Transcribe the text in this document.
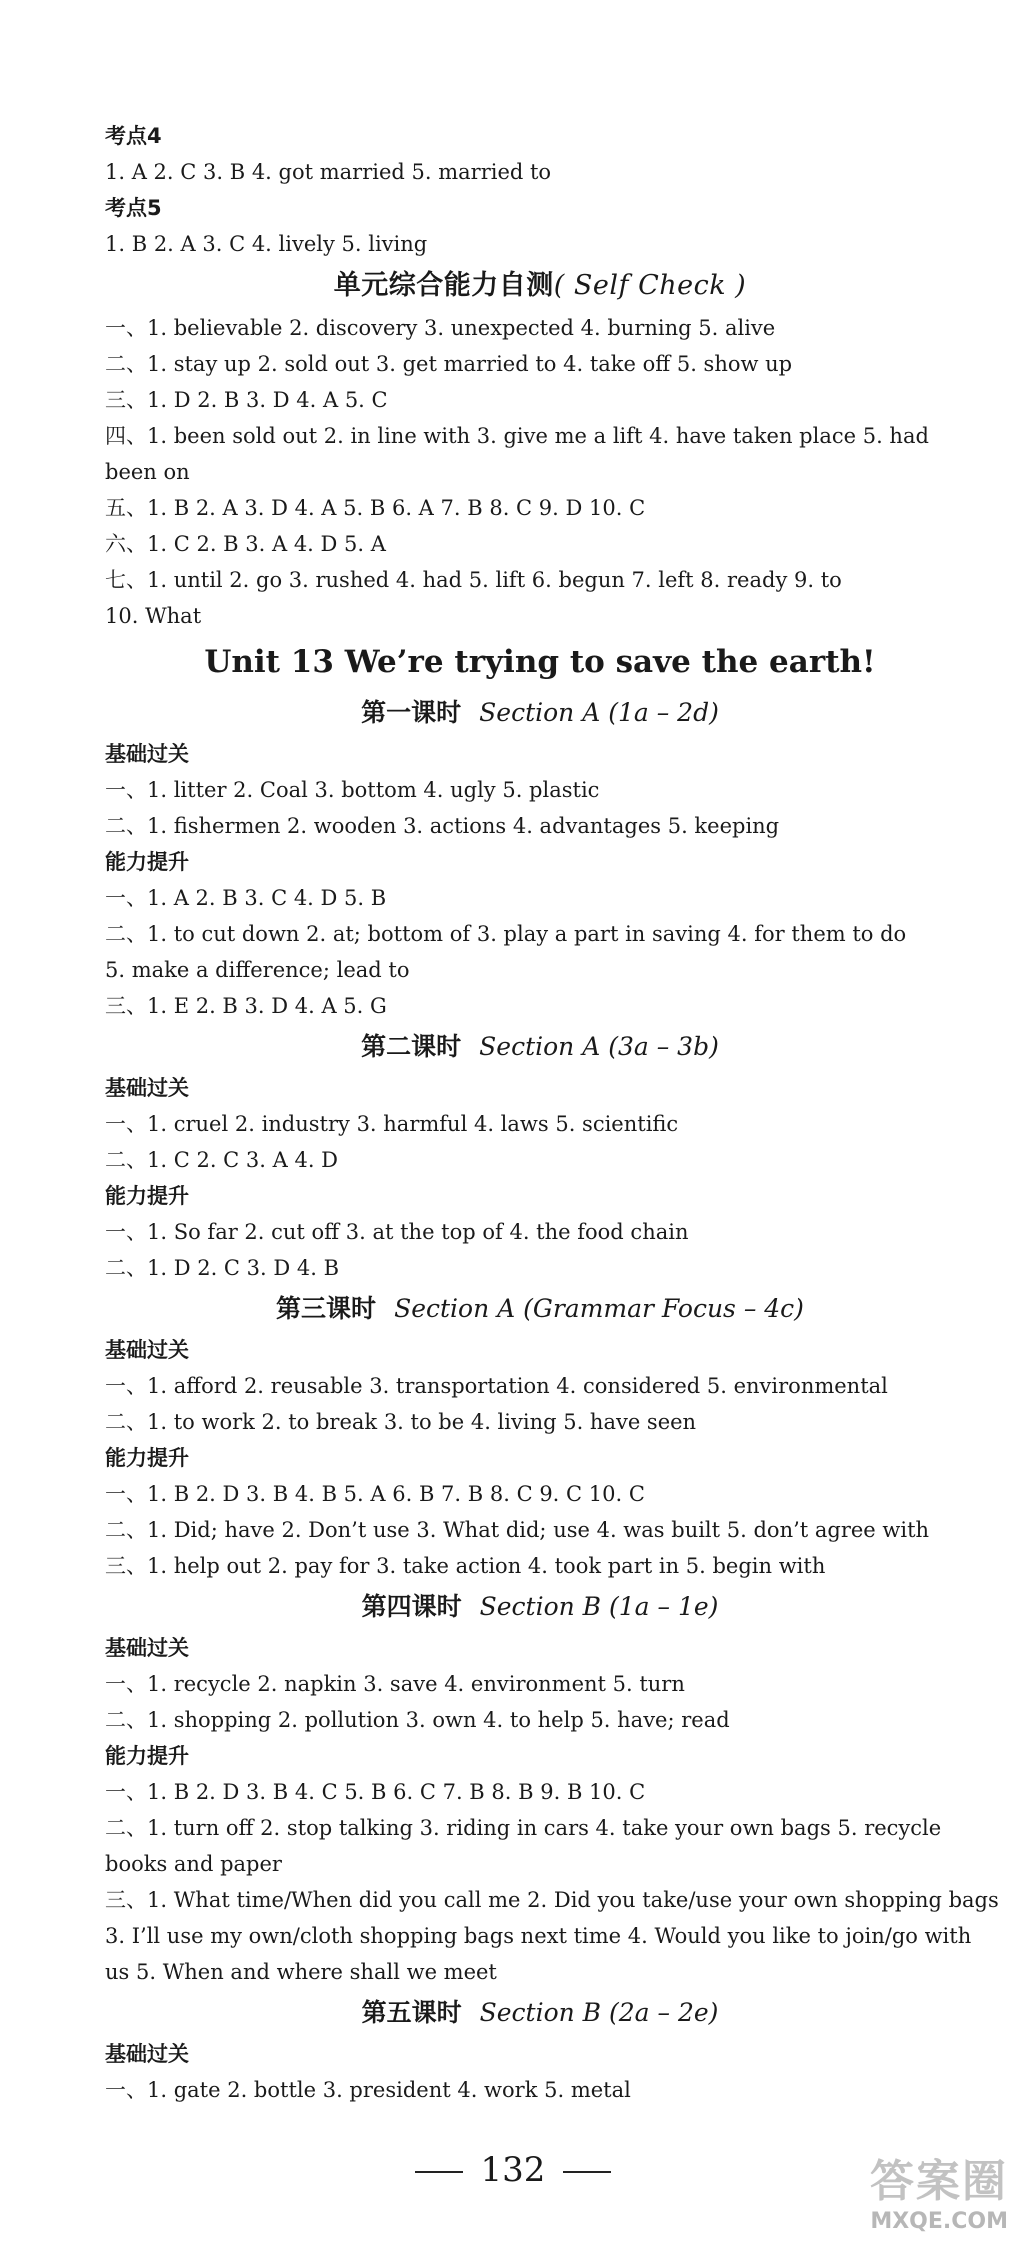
考点4
1. A 2. C 3. B 4. got married 5. married to
考点5
1. B 2. A 3. C 4. lively 5. living
单元综合能力自测( Self Check )
一、1. believable 2. discovery 3. unexpected 4. burning 5. alive
二、1. stay up 2. sold out 3. get married to 4. take off 5. show up
三、1. D 2. B 3. D 4. A 5. C
四、1. been sold out 2. in line with 3. give me a lift 4. have taken place 5. had
been on
五、1. B 2. A 3. D 4. A 5. B 6. A 7. B 8. C 9. D 10. C
六、1. C 2. B 3. A 4. D 5. A
七、1. until 2. go 3. rushed 4. had 5. lift 6. begun 7. left 8. ready 9. to
10. What
Unit 13 We’re trying to save the earth!
第一课时 Section A (1a – 2d)
基础过关
一、1. litter 2. Coal 3. bottom 4. ugly 5. plastic
二、1. fishermen 2. wooden 3. actions 4. advantages 5. keeping
能力提升
一、1. A 2. B 3. C 4. D 5. B
二、1. to cut down 2. at; bottom of 3. play a part in saving 4. for them to do
5. make a difference; lead to
三、1. E 2. B 3. D 4. A 5. G
第二课时 Section A (3a – 3b)
基础过关
一、1. cruel 2. industry 3. harmful 4. laws 5. scientific
二、1. C 2. C 3. A 4. D
能力提升
一、1. So far 2. cut off 3. at the top of 4. the food chain
二、1. D 2. C 3. D 4. B
第三课时 Section A (Grammar Focus – 4c)
基础过关
一、1. afford 2. reusable 3. transportation 4. considered 5. environmental
二、1. to work 2. to break 3. to be 4. living 5. have seen
能力提升
一、1. B 2. D 3. B 4. B 5. A 6. B 7. B 8. C 9. C 10. C
二、1. Did; have 2. Don’t use 3. What did; use 4. was built 5. don’t agree with
三、1. help out 2. pay for 3. take action 4. took part in 5. begin with
第四课时 Section B (1a – 1e)
基础过关
一、1. recycle 2. napkin 3. save 4. environment 5. turn
二、1. shopping 2. pollution 3. own 4. to help 5. have; read
能力提升
一、1. B 2. D 3. B 4. C 5. B 6. C 7. B 8. B 9. B 10. C
二、1. turn off 2. stop talking 3. riding in cars 4. take your own bags 5. recycle
books and paper
三、1. What time/When did you call me 2. Did you take/use your own shopping bags
3. I’ll use my own/cloth shopping bags next time 4. Would you like to join/go with
us 5. When and where shall we meet
第五课时 Section B (2a – 2e)
基础过关
一、1. gate 2. bottle 3. president 4. work 5. metal
132	答案圈
MXQE.COM
